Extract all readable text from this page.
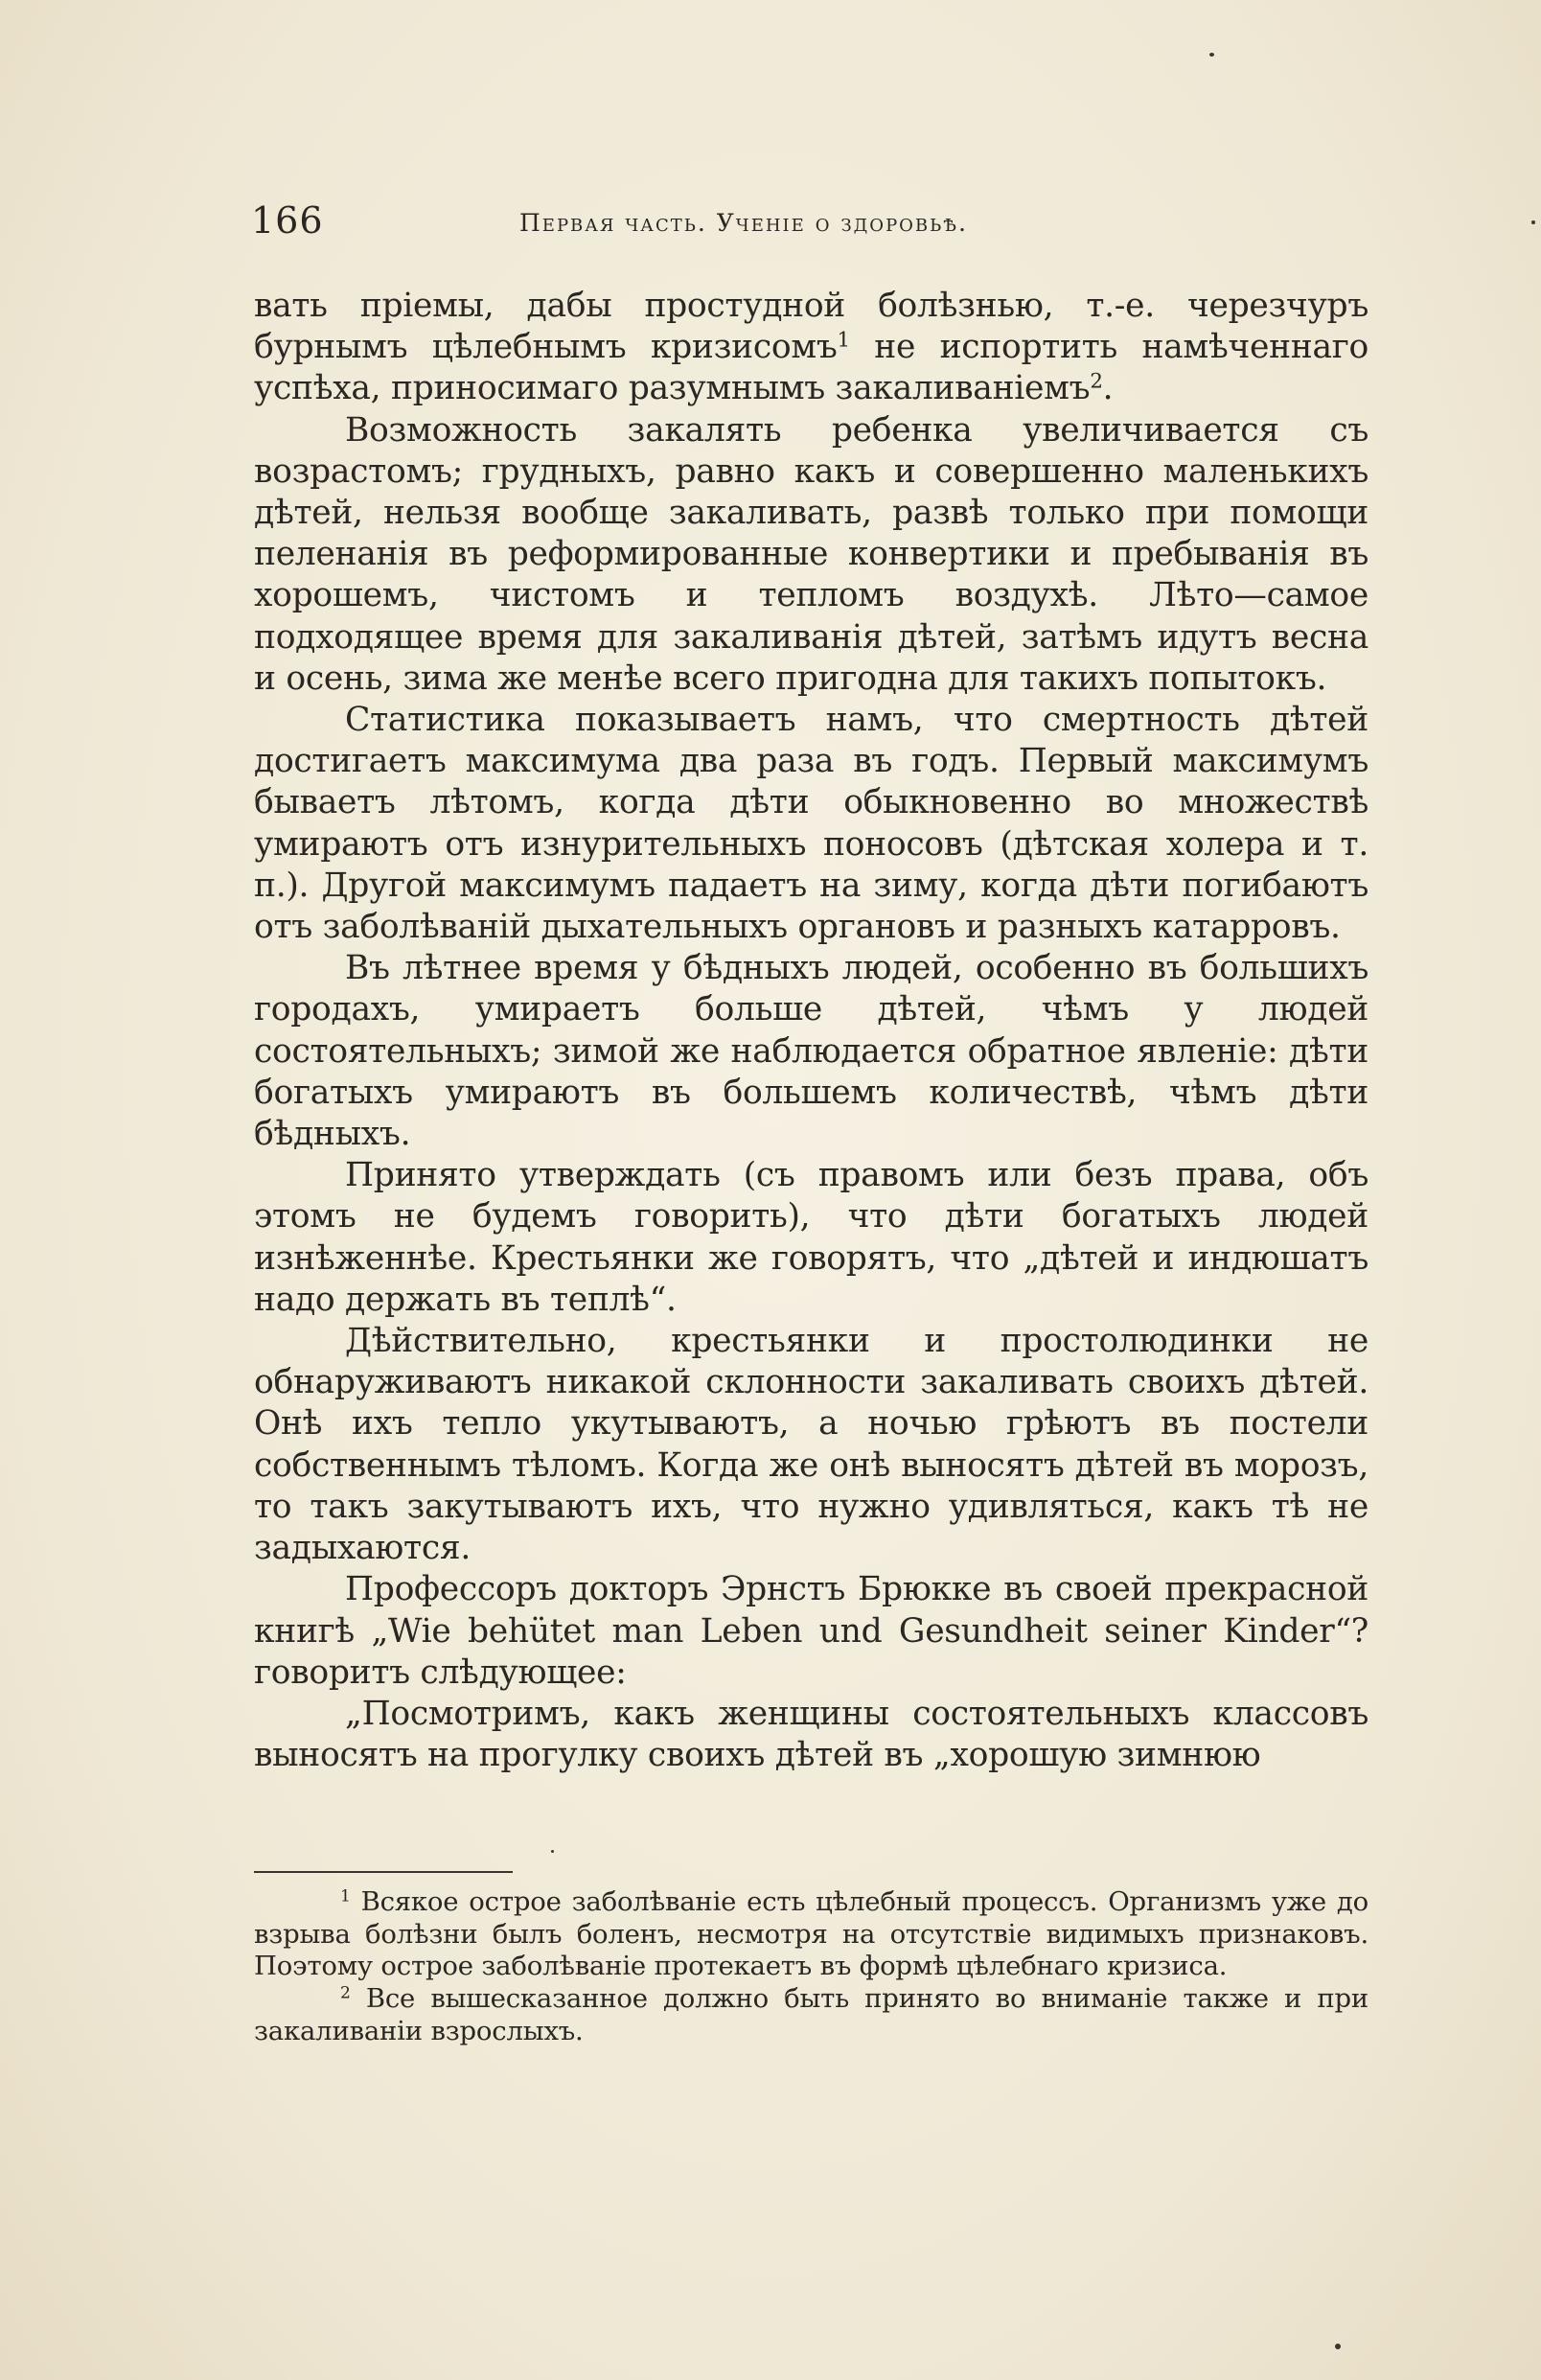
166	Первая часть. Ученіе о здоровьѣ.

вать пріемы, дабы простудной болѣзнью, т.-е. черезчуръ бурнымъ цѣлебнымъ кризисомъ$^1$ не испортить намѣченнаго успѣха, приносимаго разумнымъ закаливаніемъ$^2$.

Возможность закалять ребенка увеличивается съ возрастомъ; грудныхъ, равно какъ и совершенно маленькихъ дѣтей, нельзя вообще закаливать, развѣ только при помощи пеленанія въ реформированные конвертики и пребыванія въ хорошемъ, чистомъ и тепломъ воздухѣ. Лѣто—самое подходящее время для закаливанія дѣтей, затѣмъ идутъ весна и осень, зима же менѣе всего пригодна для такихъ попытокъ.

Статистика показываетъ намъ, что смертность дѣтей достигаетъ максимума два раза въ годъ. Первый максимумъ бываетъ лѣтомъ, когда дѣти обыкновенно во множествѣ умираютъ отъ изнурительныхъ поносовъ (дѣтская холера и т. п.). Другой максимумъ падаетъ на зиму, когда дѣти погибаютъ отъ заболѣваній дыхательныхъ органовъ и разныхъ катарровъ.

Въ лѣтнее время у бѣдныхъ людей, особенно въ большихъ городахъ, умираетъ больше дѣтей, чѣмъ у людей состоятельныхъ; зимой же наблюдается обратное явленіе: дѣти богатыхъ умираютъ въ большемъ количествѣ, чѣмъ дѣти бѣдныхъ.

Принято утверждать (съ правомъ или безъ права, объ этомъ не будемъ говорить), что дѣти богатыхъ людей изнѣженнѣе. Крестьянки же говорятъ, что „дѣтей и индюшатъ надо держать въ теплѣ“.

Дѣйствительно, крестьянки и простолюдинки не обнаруживаютъ никакой склонности закаливать своихъ дѣтей. Онѣ ихъ тепло укутываютъ, а ночью грѣютъ въ постели собственнымъ тѣломъ. Когда же онѣ выносятъ дѣтей въ морозъ, то такъ закутываютъ ихъ, что нужно удивляться, какъ тѣ не задыхаются.

Профессоръ докторъ Эрнстъ Брюкке въ своей прекрасной книгѣ „Wie behütet man Leben und Gesundheit seiner Kinder“? говоритъ слѣдующее:

„Посмотримъ, какъ женщины состоятельныхъ классовъ выносятъ на прогулку своихъ дѣтей въ „хорошую зимнюю

$^1$ Всякое острое заболѣваніе есть цѣлебный процессъ. Организмъ уже до взрыва болѣзни былъ боленъ, несмотря на отсутствіе видимыхъ признаковъ. Поэтому острое заболѣваніе протекаетъ въ формѣ цѣлебнаго кризиса.

$^2$ Все вышесказанное должно быть принято во вниманіе также и при закаливаніи взрослыхъ.
